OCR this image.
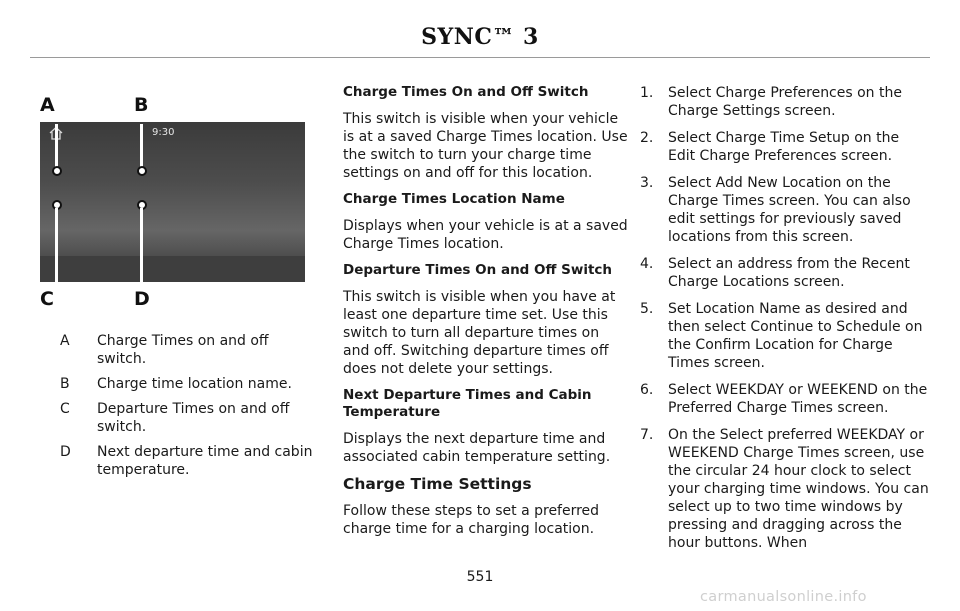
SYNC™ 3
A	B
9:30
C	D
A	Charge Times on and off switch.
B	Charge time location name.
C	Departure Times on and off switch.
D	Next departure time and cabin temperature.
Charge Times On and Off Switch

This switch is visible when your vehicle is at a saved Charge Times location. Use the switch to turn your charge time settings on and off for this location.

Charge Times Location Name

Displays when your vehicle is at a saved Charge Times location.

Departure Times On and Off Switch

This switch is visible when you have at least one departure time set. Use this switch to turn all departure times on and off. Switching departure times off does not delete your settings.

Next Departure Times and Cabin Temperature

Displays the next departure time and associated cabin temperature setting.

Charge Time Settings

Follow these steps to set a preferred charge time for a charging location.

1.	Select Charge Preferences on the Charge Settings screen.
2.	Select Charge Time Setup on the Edit Charge Preferences screen.
3.	Select Add New Location on the Charge Times screen. You can also edit settings for previously saved locations from this screen.
4.	Select an address from the Recent Charge Locations screen.
5.	Set Location Name as desired and then select Continue to Schedule on the Confirm Location for Charge Times screen.
6.	Select WEEKDAY or WEEKEND on the Preferred Charge Times screen.
7.	On the Select preferred WEEKDAY or WEEKEND Charge Times screen, use the circular 24 hour clock to select your charging time windows. You can select up to two time windows by pressing and dragging across the hour buttons. When
551
carmanualsonline.info
